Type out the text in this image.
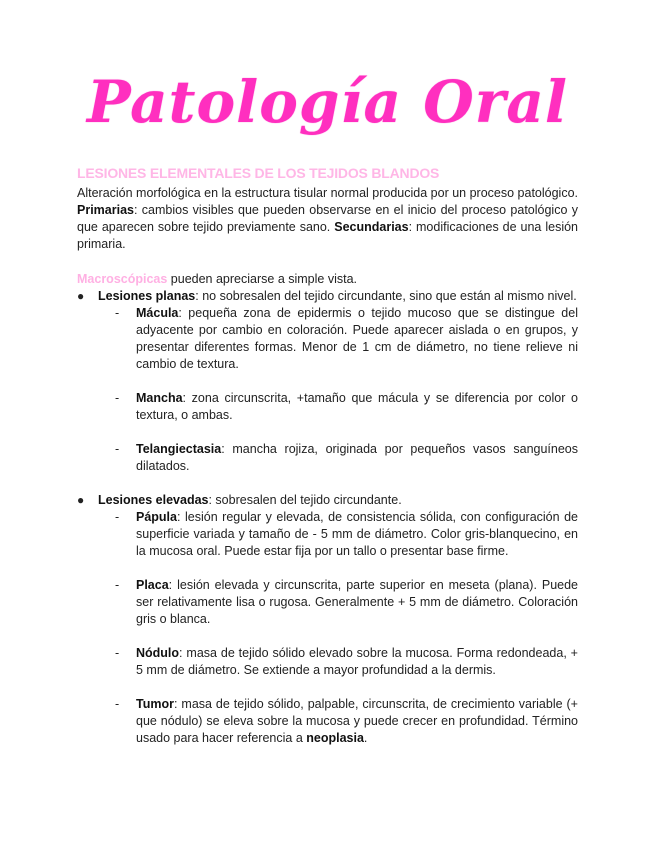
Patología Oral
LESIONES ELEMENTALES DE LOS TEJIDOS BLANDOS

Alteración morfológica en la estructura tisular normal producida por un proceso patológico. Primarias: cambios visibles que pueden observarse en el inicio del proceso patológico y que aparecen sobre tejido previamente sano. Secundarias: modificaciones de una lesión primaria.

Macroscópicas pueden apreciarse a simple vista.

● Lesiones planas: no sobresalen del tejido circundante, sino que están al mismo nivel.

- Mácula: pequeña zona de epidermis o tejido mucoso que se distingue del adyacente por cambio en coloración. Puede aparecer aislada o en grupos, y presentar diferentes formas. Menor de 1 cm de diámetro, no tiene relieve ni cambio de textura.

- Mancha: zona circunscrita, +tamaño que mácula y se diferencia por color o textura, o ambas.

- Telangiectasia: mancha rojiza, originada por pequeños vasos sanguíneos dilatados.

● Lesiones elevadas: sobresalen del tejido circundante.

- Pápula: lesión regular y elevada, de consistencia sólida, con configuración de superficie variada y tamaño de - 5 mm de diámetro. Color gris-blanquecino, en la mucosa oral. Puede estar fija por un tallo o presentar base firme.

- Placa: lesión elevada y circunscrita, parte superior en meseta (plana). Puede ser relativamente lisa o rugosa. Generalmente + 5 mm de diámetro. Coloración gris o blanca.

- Nódulo: masa de tejido sólido elevado sobre la mucosa. Forma redondeada, + 5 mm de diámetro. Se extiende a mayor profundidad a la dermis.

- Tumor: masa de tejido sólido, palpable, circunscrita, de crecimiento variable (+ que nódulo) se eleva sobre la mucosa y puede crecer en profundidad. Término usado para hacer referencia a neoplasia.
